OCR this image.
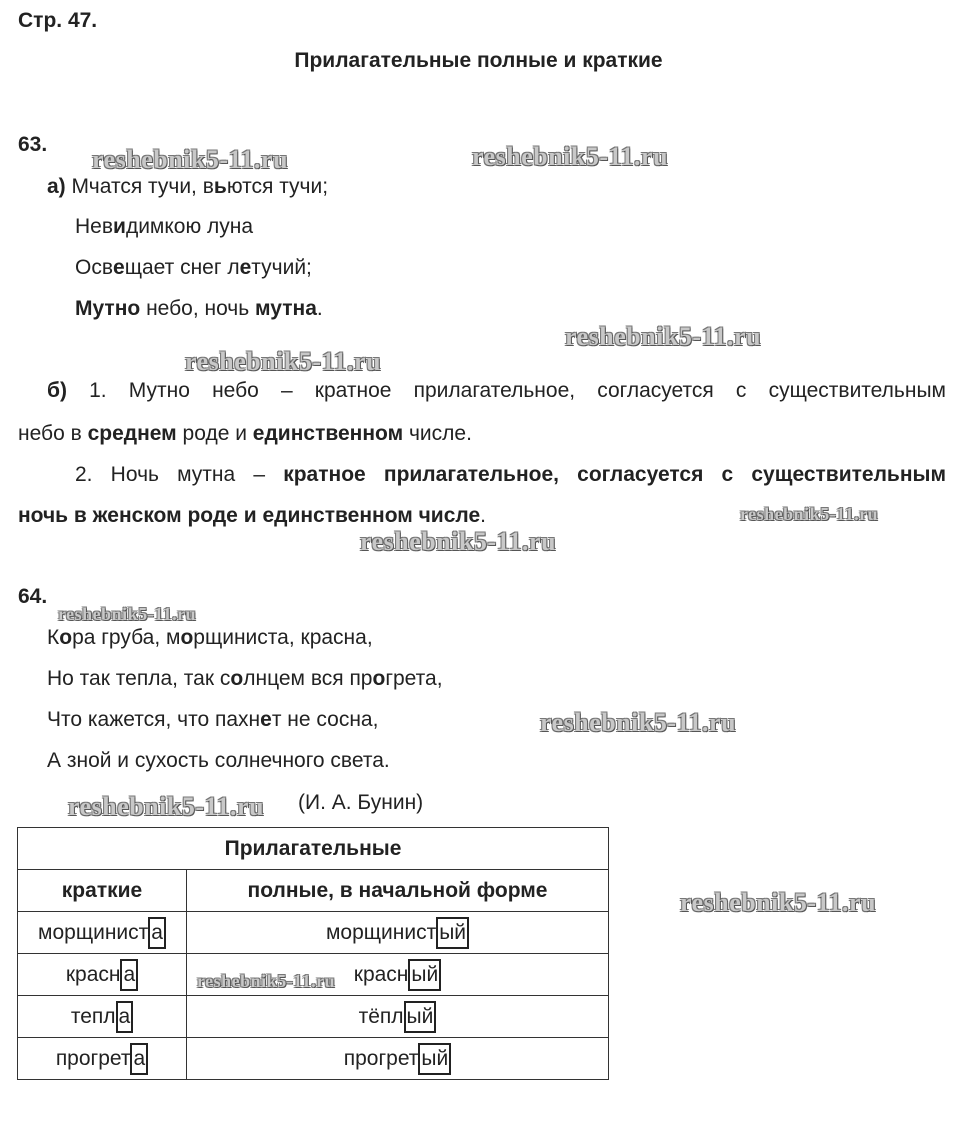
Стр. 47.
Прилагательные полные и краткие
63.
а) Мчатся тучи, вьются тучи;
Невидимкою луна
Освещает снег летучий;
Мутно небо, ночь мутна.
б) 1. Мутно небо – кратное прилагательное, согласуется с существительным
небо в среднем роде и единственном числе.
2. Ночь мутна – кратное прилагательное, согласуется с существительным
ночь в женском роде и единственном числе.
64.
Кора груба, морщиниста, красна,
Но так тепла, так солнцем вся прогрета,
Что кажется, что пахнет не сосна,
А зной и сухость солнечного света.
(И. А. Бунин)
Прилагательные	
краткие	полные, в начальной форме
морщинист а	морщинист ый
красн а	красн ый
тепл а	тёпл ый
прогрет а	прогрет ый
reshebnik5-11.ru	reshebnik5-11.ru
reshebnik5-11.ru
reshebnik5-11.ru
reshebnik5-11.ru
reshebnik5-11.ru
reshebnik5-11.ru
reshebnik5-11.ru
reshebnik5-11.ru
reshebnik5-11.ru
reshebnik5-11.ru
